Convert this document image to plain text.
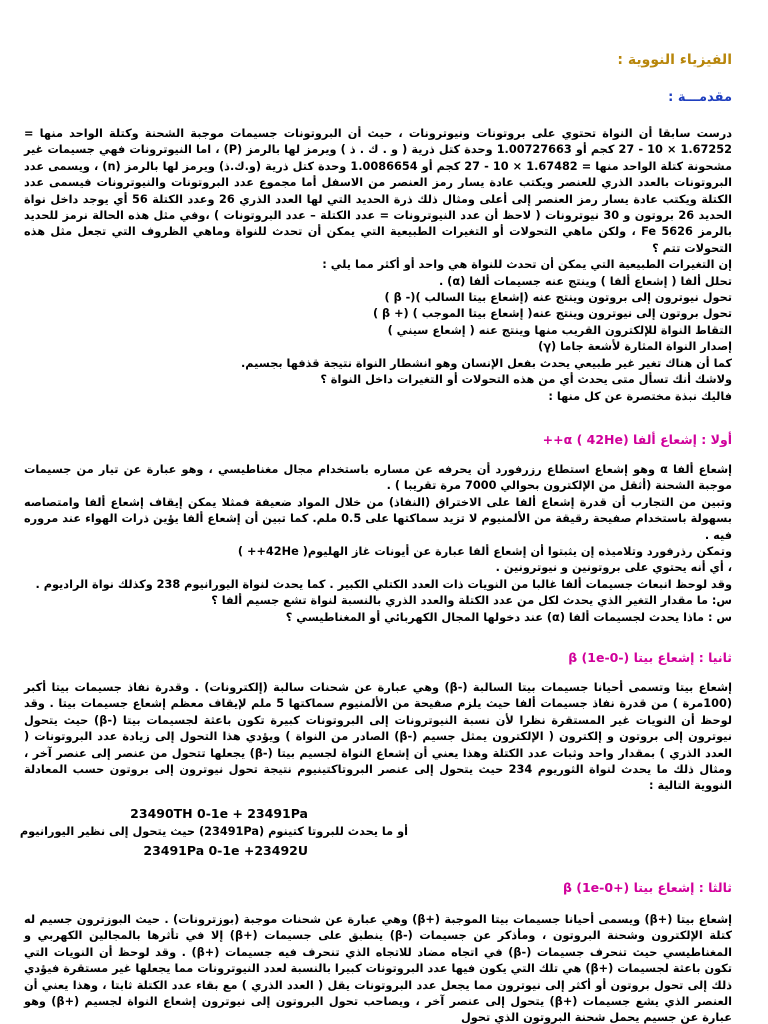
الفيزياء النووية :
مقدمـــة :

درست سابقا أن النواة تحتوي على بروتونات ونيوترونات ، حيث أن البروتونات جسيمات موجبة الشحنة وكتلة الواحد منها = 1.67252 × 10 - 27 كجم أو 1.00727663 وحدة كتل ذرية ( و . ك . ذ ) ويرمز لها بالرمز (P) ، اما النيوترونات فهي جسيمات غير مشحونة كتلة الواحد منها = 1.67482 × 10 - 27 كجم أو 1.0086654 وحدة كتل ذرية (و.ك.ذ) ويرمز لها بالرمز (n) ، ويسمى عدد البروتونات بالعدد الذري للعنصر ويكتب عادة يسار رمز العنصر من الاسفل أما مجموع عدد البروتونات والنيوترونات فيسمى عدد الكتلة ويكتب عادة يسار رمز العنصر إلى أعلى ومثال ذلك ذرة الحديد التي لها العدد الذري 26 وعدد الكتلة 56 أي يوجد داخل نواة الحديد 26 بروتون و 30 نيوترونات ( لاحظ أن عدد النيوترونات = عدد الكتلة – عدد البروتونات ) ،وفي مثل هذه الحالة نرمز للحديد بالرمز 5626 Fe ، ولكن ماهي التحولات أو التغيرات الطبيعية التي يمكن أن تحدث للنواة وماهي الظروف التي تجعل مثل هذه التحولات تتم ؟

إن التغيرات الطبيعية التي يمكن أن تحدث للنواة هي واحد أو أكثر مما يلي :

تحلل ألفا ( إشعاع ألفا ) وينتج عنه جسيمات ألفا (α) .

تحول نيوترون إلى بروتون وينتج عنه (إشعاع بيتا السالب )(- β )

تحول بروتون إلى نيوترون وينتج عنه( إشعاع بيتا الموجب ) (+ β )

التقاط النواة للإلكترون القريب منها وينتج عنه ( إشعاع سيني )

إصدار النواة المثارة لأشعة جاما (γ)

كما أن هناك تغير غير طبيعي يحدث بفعل الإنسان وهو انشطار النواة نتيجة قذفها بجسيم.

ولاشك أنك تسأل متى يحدث أي من هذه التحولات أو التغيرات داخل النواة ؟

فاليك نبذة مختصرة عن كل منها :

أولا : إشعاع ألفا (42He ) α++

إشعاع ألفا α وهو إشعاع استطاع رزرفورد أن يحرفه عن مساره باستخدام مجال مغناطيسي ، وهو عبارة عن تيار من جسيمات موجبة الشحنة (أثقل من الإلكترون بحوالي 7000 مرة تقريبا ) .

وتبين من التجارب أن قدرة إشعاع ألفا على الاختراق (النفاذ) من خلال المواد ضعيفة فمثلا يمكن إيقاف إشعاع ألفا وامتصاصه بسهولة باستخدام صفيحة رقيقة من الألمنيوم لا تزيد سماكتها على 0.5 ملم. كما تبين أن إشعاع ألفا يؤين ذرات الهواء عند مروره فيه .

وتمكن رذرفورد وتلاميذه إن يثبتوا أن إشعاع ألفا عبارة عن أيونات غاز الهليوم( 42He++ )

، أي أنه يحتوي على بروتونين و نيوترونين .

وقد لوحظ انبعاث جسيمات ألفا غالبا من النويات ذات العدد الكتلي الكبير . كما يحدث لنواة اليورانيوم 238 وكذلك نواة الراديوم .

س: ما مقدار التغير الذي يحدث لكل من عدد الكتلة والعدد الذري بالنسبة لنواة تشع جسيم ألفا ؟

س : ماذا يحدث لجسيمات ألفا (α) عند دخولها المجال الكهربائي أو المغناطيسي ؟

ثانيا : إشعاع بيتا (-0-1e) β

إشعاع بيتا وتسمى أحيانا جسيمات بيتا السالبة (-β) وهي عبارة عن شحنات سالبة (إلكترونات) . وقدرة نفاذ جسيمات بيتا أكبر (100مرة ) من قدرة نفاذ جسيمات ألفا حيث يلزم صفيحة من الألمنيوم سماكتها 5 ملم لإيقاف معظم إشعاع جسيمات بيتا . وقد لوحظ أن النويات غير المستقرة نظرا لأن نسبة النيوترونات إلى البروتونات كبيرة تكون باعثة لجسيمات بيتا (-β) حيث يتحول نيوترون إلى بروتون و إلكترون ( الإلكترون يمثل جسيم (-β) الصادر من النواة ) ويؤدي هذا التحول إلى زيادة عدد البروتونات ( العدد الذري ) بمقدار واحد وثبات عدد الكتلة وهذا يعني أن إشعاع النواة لجسيم بيتا (-β) يجعلها تتحول من عنصر إلى عنصر آخر ، ومثال ذلك ما يحدث لنواة الثوريوم 234 حيث يتحول إلى عنصر البروتاكتينيوم نتيجة تحول نيوترون إلى بروتون حسب المعادلة النووية التالية :

23490TH 0-1e + 23491Pa
أو ما يحدث للبروتا كتينوم (23491Pa) حيث يتحول إلى نظير اليورانيوم
23491Pa 0-1e +23492U
ثالثا : إشعاع بيتا (+0-1e) β

إشعاع بيتا (+β) ويسمى أحيانا جسيمات بيتا الموجبة (+β) وهي عبارة عن شحنات موجبة (بوزترونات) . حيث البوزترون جسيم له كتلة الإلكترون وشحنة البروتون ، ومأذكر عن جسيمات (-β) ينطبق على جسيمات (+β) إلا في تأثرها بالمجالين الكهربي و المغناطيسي حيث تنحرف جسيمات (-β) في اتجاه مضاد للاتجاه الذي تنحرف فيه جسيمات (+β) . وقد لوحظ أن النويات التي تكون باعثة لجسيمات (+β) هي تلك التي يكون فيها عدد البروتونات كبيرا بالنسبة لعدد النيوترونات مما يجعلها غير مستقرة فيؤدي ذلك إلى تحول بروتون أو أكثر إلى نيوترون مما يجعل عدد البروتونات يقل ( العدد الذري ) مع بقاء عدد الكتلة ثابتا ، وهذا يعني أن العنصر الذي يشع جسيمات (+β) يتحول إلى عنصر آخر ، ويصاحب تحول البروتون إلى نيوترون إشعاع النواة لجسيم (+β) وهو عبارة عن جسيم يحمل شحنة البروتون الذي تحول
